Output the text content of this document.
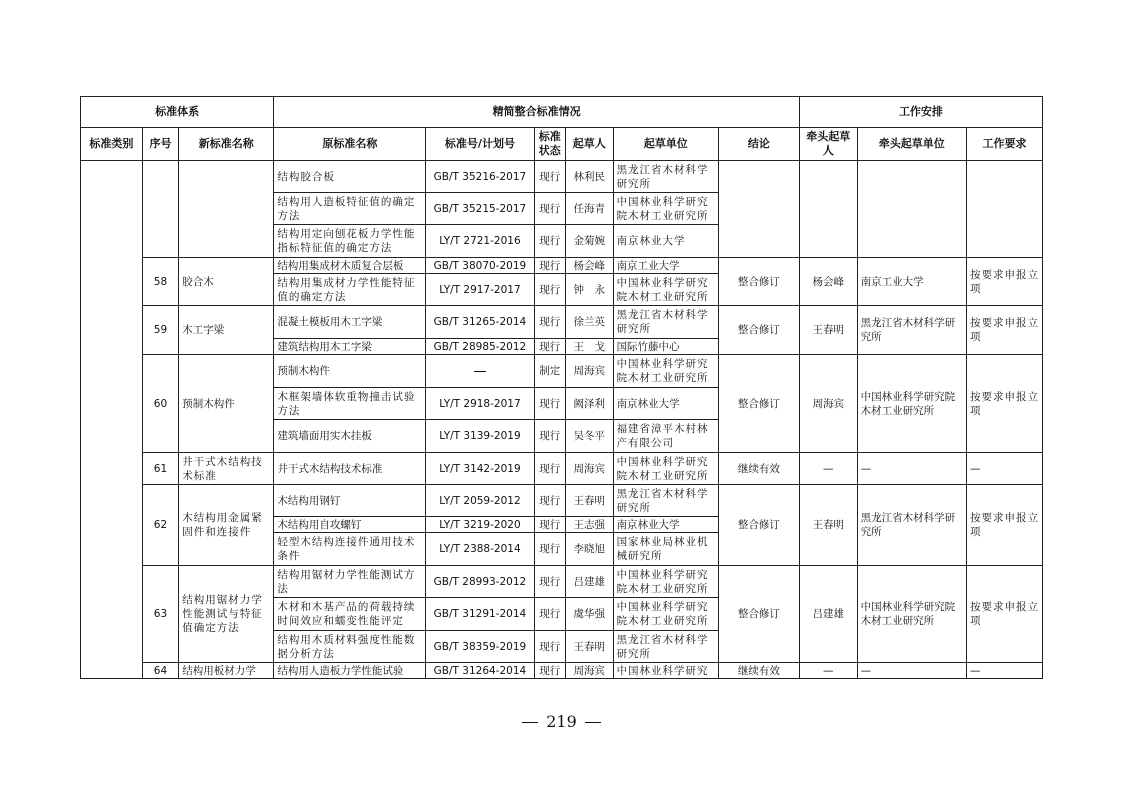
标准体系			精简整合标准情况						工作安排		
标准类别	序号	新标准名称	原标准名称	标准号/计划号	标准状态	起草人	起草单位	结论	牵头起草人	牵头起草单位	工作要求
			结构胶合板	GB/T 35216-2017	现行	林利民	黑龙江省木材科学研究所				
			结构用人造板特征值的确定方法	GB/T 35215-2017	现行	任海青	中国林业科学研究院木材工业研究所				
			结构用定向刨花板力学性能指标特征值的确定方法	LY/T 2721-2016	现行	金菊婉	南京林业大学				
	58	胶合木	结构用集成材木质复合层板	GB/T 38070-2019	现行	杨会峰	南京工业大学	整合修订	杨会峰	南京工业大学	按要求申报立项
			结构用集成材力学性能特征值的确定方法	LY/T 2917-2017	现行	钟　永	中国林业科学研究院木材工业研究所				
	59	木工字梁	混凝土模板用木工字梁	GB/T 31265-2014	现行	徐兰英	黑龙江省木材科学研究所	整合修订	王春明	黑龙江省木材科学研究所	按要求申报立项
			建筑结构用木工字梁	GB/T 28985-2012	现行	王　戈	国际竹藤中心				
	60	预制木构件	预制木构件		制定	周海宾	中国林业科学研究院木材工业研究所	整合修订	周海宾	中国林业科学研究院木材工业研究所	按要求申报立项
			木框架墙体软重物撞击试验方法	LY/T 2918-2017	现行	阙泽利	南京林业大学				
			建筑墙面用实木挂板	LY/T 3139-2019	现行	吴冬平	福建省漳平木村林产有限公司				
	61	井干式木结构技术标准	井干式木结构技术标准	LY/T 3142-2019	现行	周海宾	中国林业科学研究院木材工业研究所	继续有效	—	—	—
	62	木结构用金属紧固件和连接件	木结构用钢钉	LY/T 2059-2012	现行	王春明	黑龙江省木材科学研究所	整合修订	王春明	黑龙江省木材科学研究所	按要求申报立项
			木结构用自攻螺钉	LY/T 3219-2020	现行	王志强	南京林业大学				
			轻型木结构连接件通用技术条件	LY/T 2388-2014	现行	李晓旭	国家林业局林业机械研究所				
	63	结构用锯材力学性能测试与特征值确定方法	结构用锯材力学性能测试方法	GB/T 28993-2012	现行	吕建雄	中国林业科学研究院木材工业研究所	整合修订	吕建雄	中国林业科学研究院木材工业研究所	按要求申报立项
			木材和木基产品的荷载持续时间效应和蠕变性能评定	GB/T 31291-2014	现行	虞华强	中国林业科学研究院木材工业研究所				
			结构用木质材料强度性能数据分析方法	GB/T 38359-2019	现行	王春明	黑龙江省木材科学研究所				
	64	结构用板材力学	结构用人造板力学性能试验	GB/T 31264-2014	现行	周海宾	中国林业科学研究	继续有效	—	—	—
219
